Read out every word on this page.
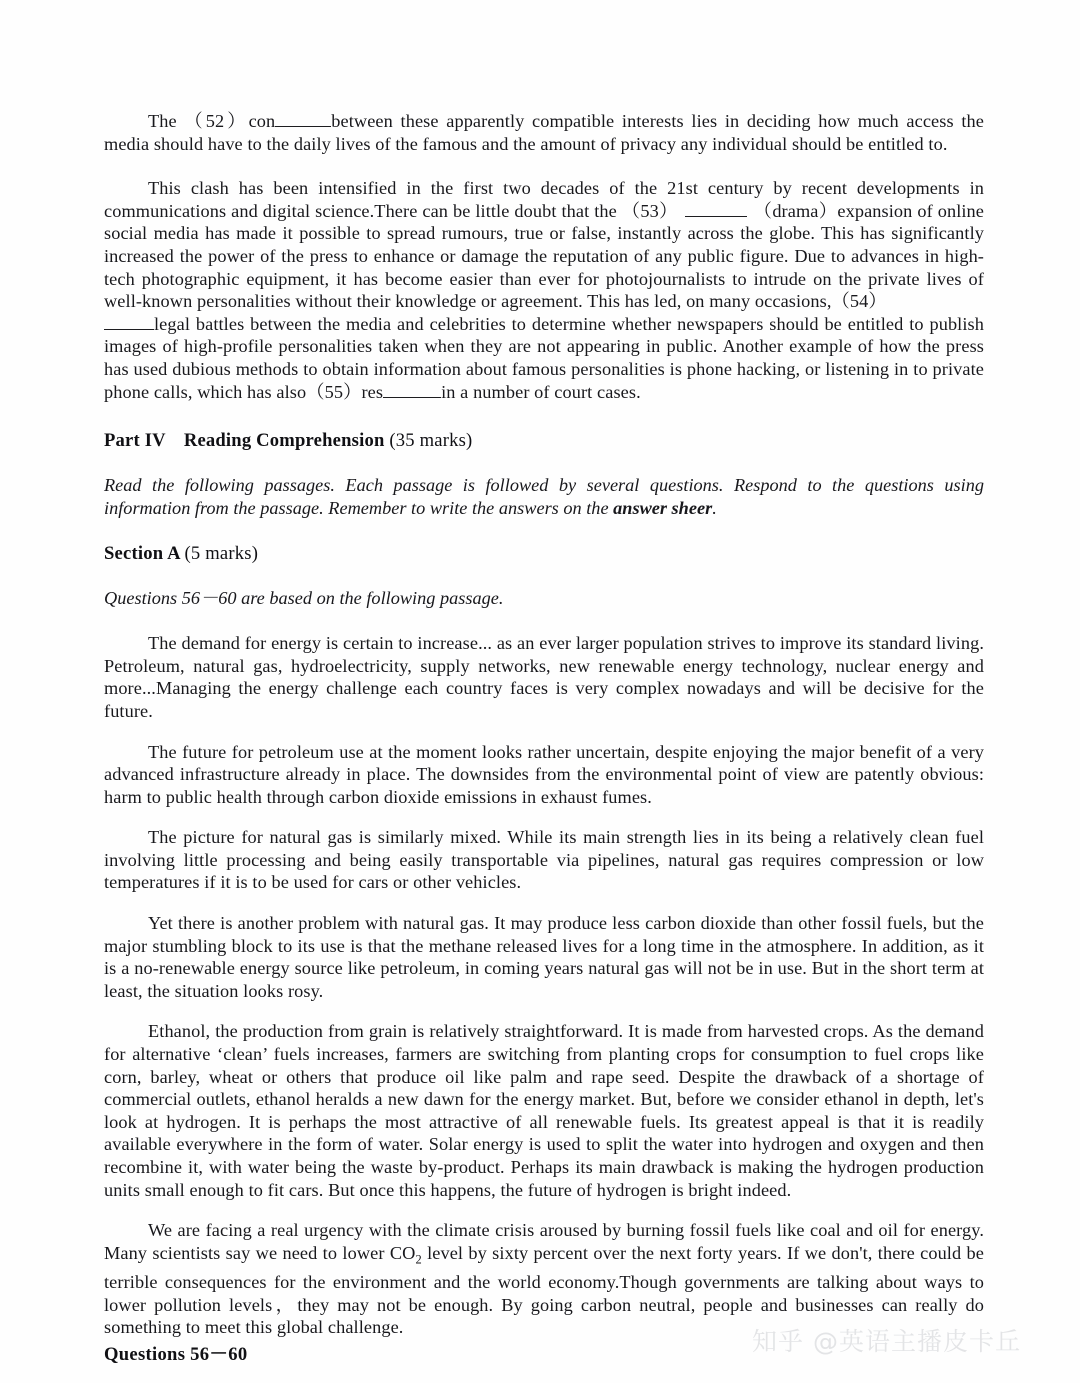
The （52）con	between these apparently compatible interests lies in deciding how much access the media should have to the daily lives of the famous and the amount of privacy any individual should be entitled to.

This clash has been intensified in the first two decades of the 21st century by recent developments in communications and digital science.There can be little doubt that the （53）	（drama）expansion of online social media has made it possible to spread rumours, true or false, instantly across the globe. This has significantly increased the power of the press to enhance or damage the reputation of any public figure. Due to advances in high-tech photographic equipment, it has become easier than ever for photojournalists to intrude on the private lives of well-known personalities without their knowledge or agreement. This has led, on many occasions,（54）
legal battles between the media and celebrities to determine whether newspapers should be entitled to publish images of high-profile personalities taken when they are not appearing in public. Another example of how the press has used dubious methods to obtain information about famous personalities is phone hacking, or listening in to private phone calls, which has also（55）res	in a number of court cases.

Part IV Reading Comprehension (35 marks)

Read the following passages. Each passage is followed by several questions. Respond to the questions using information from the passage. Remember to write the answers on the answer sheer.

Section A (5 marks)

Questions 56－60 are based on the following passage.

The demand for energy is certain to increase... as an ever larger population strives to improve its standard living. Petroleum, natural gas, hydroelectricity, supply networks, new renewable energy technology, nuclear energy and more...Managing the energy challenge each country faces is very complex nowadays and will be decisive for the future.

The future for petroleum use at the moment looks rather uncertain, despite enjoying the major benefit of a very advanced infrastructure already in place. The downsides from the environmental point of view are patently obvious: harm to public health through carbon dioxide emissions in exhaust fumes.

The picture for natural gas is similarly mixed. While its main strength lies in its being a relatively clean fuel involving little processing and being easily transportable via pipelines, natural gas requires compression or low temperatures if it is to be used for cars or other vehicles.

Yet there is another problem with natural gas. It may produce less carbon dioxide than other fossil fuels, but the major stumbling block to its use is that the methane released lives for a long time in the atmosphere. In addition, as it is a no-renewable energy source like petroleum, in coming years natural gas will not be in use. But in the short term at least, the situation looks rosy.

Ethanol, the production from grain is relatively straightforward. It is made from harvested crops. As the demand for alternative ‘clean’ fuels increases, farmers are switching from planting crops for consumption to fuel crops like corn, barley, wheat or others that produce oil like palm and rape seed. Despite the drawback of a shortage of commercial outlets, ethanol heralds a new dawn for the energy market. But, before we consider ethanol in depth, let's look at hydrogen. It is perhaps the most attractive of all renewable fuels. Its greatest appeal is that it is readily available everywhere in the form of water. Solar energy is used to split the water into hydrogen and oxygen and then recombine it, with water being the waste by-product. Perhaps its main drawback is making the hydrogen production units small enough to fit cars. But once this happens, the future of hydrogen is bright indeed.

We are facing a real urgency with the climate crisis aroused by burning fossil fuels like coal and oil for energy. Many scientists say we need to lower $CO_2$ level by sixty percent over the next forty years. If we don't, there could be terrible consequences for the environment and the world economy.Though governments are talking about ways to lower pollution levels，they may not be enough. By going carbon neutral, people and businesses can really do something to meet this global challenge.

Questions 56－60	知乎 @英语主播皮卡丘
